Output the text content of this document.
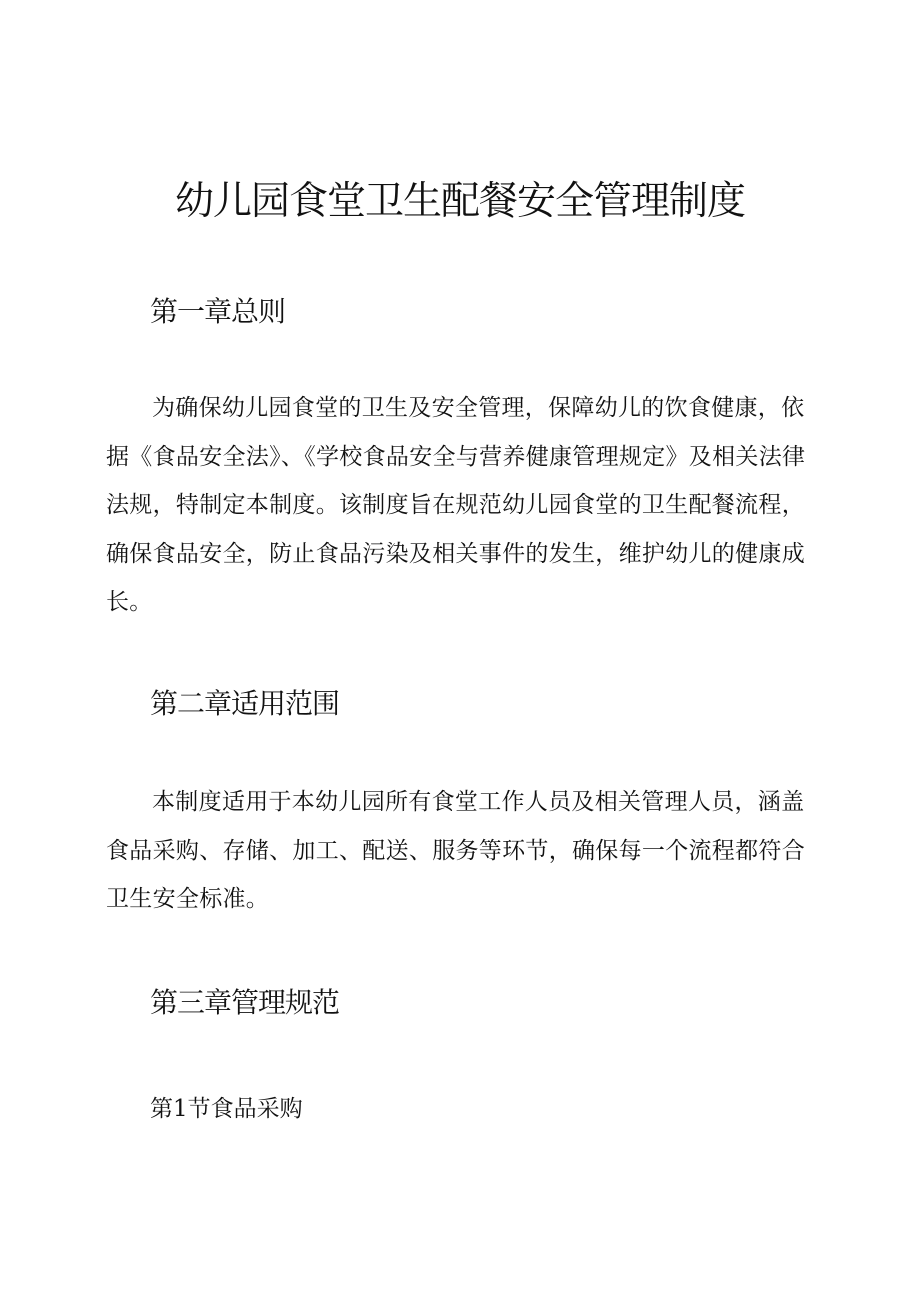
幼儿园食堂卫生配餐安全管理制度
第一章总则

为确保幼儿园食堂的卫生及安全管理，保障幼儿的饮食健康，依据《食品安全法》、《学校食品安全与营养健康管理规定》及相关法律法规，特制定本制度。该制度旨在规范幼儿园食堂的卫生配餐流程，确保食品安全，防止食品污染及相关事件的发生，维护幼儿的健康成长。

第二章适用范围

本制度适用于本幼儿园所有食堂工作人员及相关管理人员，涵盖食品采购、存储、加工、配送、服务等环节，确保每一个流程都符合卫生安全标准。

第三章管理规范
第1节食品采购
